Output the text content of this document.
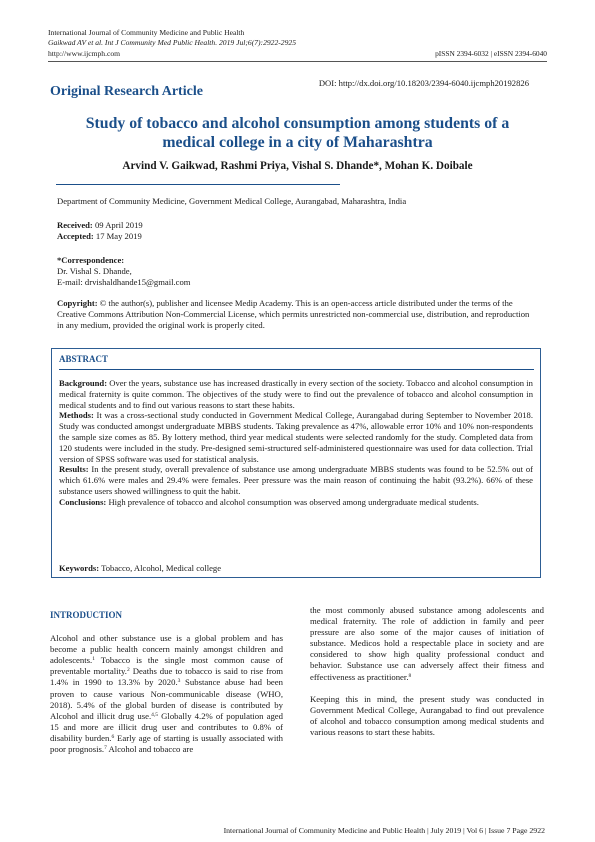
International Journal of Community Medicine and Public Health
Gaikwad AV et al. Int J Community Med Public Health. 2019 Jul;6(7):2922-2925
http://www.ijcmph.com	pISSN 2394-6032 | eISSN 2394-6040
DOI: http://dx.doi.org/10.18203/2394-6040.ijcmph20192826
Original Research Article
Study of tobacco and alcohol consumption among students of a medical college in a city of Maharashtra
Arvind V. Gaikwad, Rashmi Priya, Vishal S. Dhande*, Mohan K. Doibale
Department of Community Medicine, Government Medical College, Aurangabad, Maharashtra, India
Received: 09 April 2019
Accepted: 17 May 2019
*Correspondence:
Dr. Vishal S. Dhande,
E-mail: drvishaldhande15@gmail.com
Copyright: © the author(s), publisher and licensee Medip Academy. This is an open-access article distributed under the terms of the Creative Commons Attribution Non-Commercial License, which permits unrestricted non-commercial use, distribution, and reproduction in any medium, provided the original work is properly cited.
ABSTRACT

Background: Over the years, substance use has increased drastically in every section of the society. Tobacco and alcohol consumption in medical fraternity is quite common. The objectives of the study were to find out the prevalence of tobacco and alcohol consumption in medical students and to find out various reasons to start these habits.

Methods: It was a cross-sectional study conducted in Government Medical College, Aurangabad during September to November 2018. Study was conducted amongst undergraduate MBBS students. Taking prevalence as 47%, allowable error 10% and 10% non-respondents the sample size comes as 85. By lottery method, third year medical students were selected randomly for the study. Completed data from 120 students were included in the study. Pre-designed semi-structured self-administered questionnaire was used for data collection. Trial version of SPSS software was used for statistical analysis.

Results: In the present study, overall prevalence of substance use among undergraduate MBBS students was found to be 52.5% out of which 61.6% were males and 29.4% were females. Peer pressure was the main reason of continuing the habit (93.2%). 66% of these substance users showed willingness to quit the habit.

Conclusions: High prevalence of tobacco and alcohol consumption was observed among undergraduate medical students.

Keywords: Tobacco, Alcohol, Medical college

INTRODUCTION

Alcohol and other substance use is a global problem and has become a public health concern mainly amongst children and adolescents.$^1$ Tobacco is the single most common cause of preventable mortality.$^2$ Deaths due to tobacco is said to rise from 1.4% in 1990 to 13.3% by 2020.$^3$ Substance abuse had been proven to cause various Non-communicable disease (WHO, 2018). 5.4% of the global burden of disease is contributed by Alcohol and illicit drug use.$^{4,5}$ Globally 4.2% of population aged 15 and more are illicit drug user and contributes to 0.8% of disability burden.$^6$ Early age of starting is usually associated with poor prognosis.$^7$ Alcohol and tobacco are

the most commonly abused substance among adolescents and medical fraternity. The role of addiction in family and peer pressure are also some of the major causes of initiation of substance. Medicos hold a respectable place in society and are considered to show high quality professional conduct and behavior. Substance use can adversely affect their fitness and effectiveness as practitioner.$^8$

Keeping this in mind, the present study was conducted in Government Medical College, Aurangabad to find out prevalence of alcohol and tobacco consumption among medical students and various reasons to start these habits.

International Journal of Community Medicine and Public Health | July 2019 | Vol 6 | Issue 7 Page 2922
